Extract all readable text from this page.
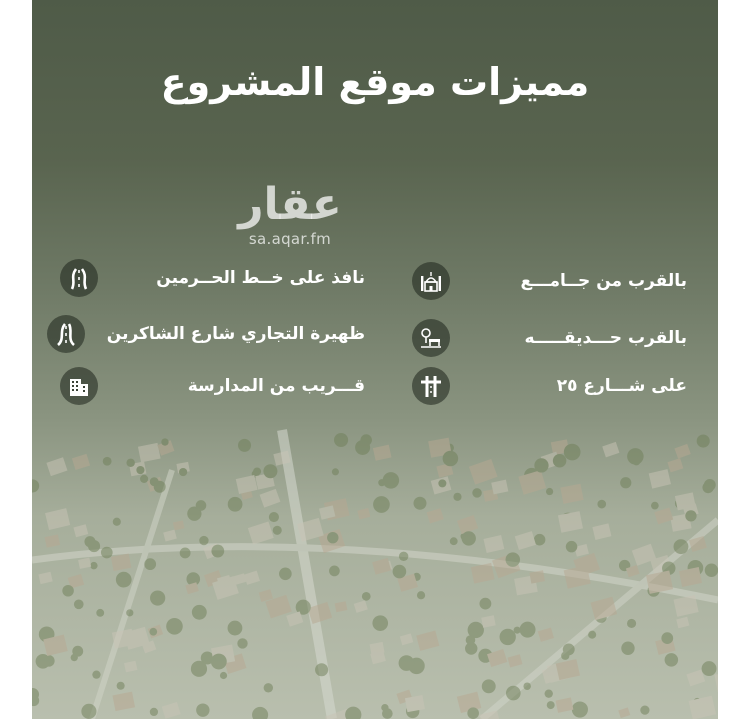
مميزات موقع المشروع
عقار
sa.aqar.fm
نافذ على خــط الحــرمين
ظهيرة التجاري شارع الشاكرين
قـــريب من المدارسة
بالقرب من جــامـــع
بالقرب حـــديقـــــه
على شـــارع ٢٥
